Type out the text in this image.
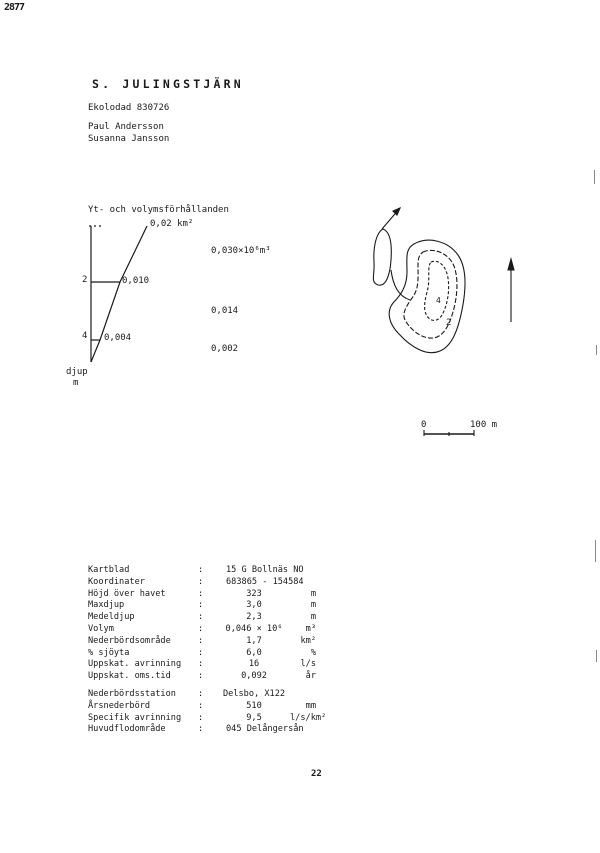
2877
S. JULINGSTJÄRN
Ekolodad 830726
Paul Andersson
Susanna Jansson
Yt- och volymsförhållanden
0,02 km²
0,010
0,004
2
4
djup
m
0,030×10⁶m³
0,014
0,002
2
4
0	100 m
Kartblad	:	15 G Bollnäs NO
Koordinater	:	683865 - 154584
Höjd över havet	:	323	m
Maxdjup	:	3,0	m
Medeldjup	:	2,3	m
Volym	:	0,046 × 10⁶	m³
Nederbördsområde	:	1,7	km²
% sjöyta	:	6,0	%
Uppskat. avrinning	:	16	l/s
Uppskat. oms.tid	:	0,092	år
Nederbördsstation	:	Delsbo, X122
Årsnederbörd	:	510	mm
Specifik avrinning	:	9,5	l/s/km²
Huvudflodområde	:	045 Delångersån
22
